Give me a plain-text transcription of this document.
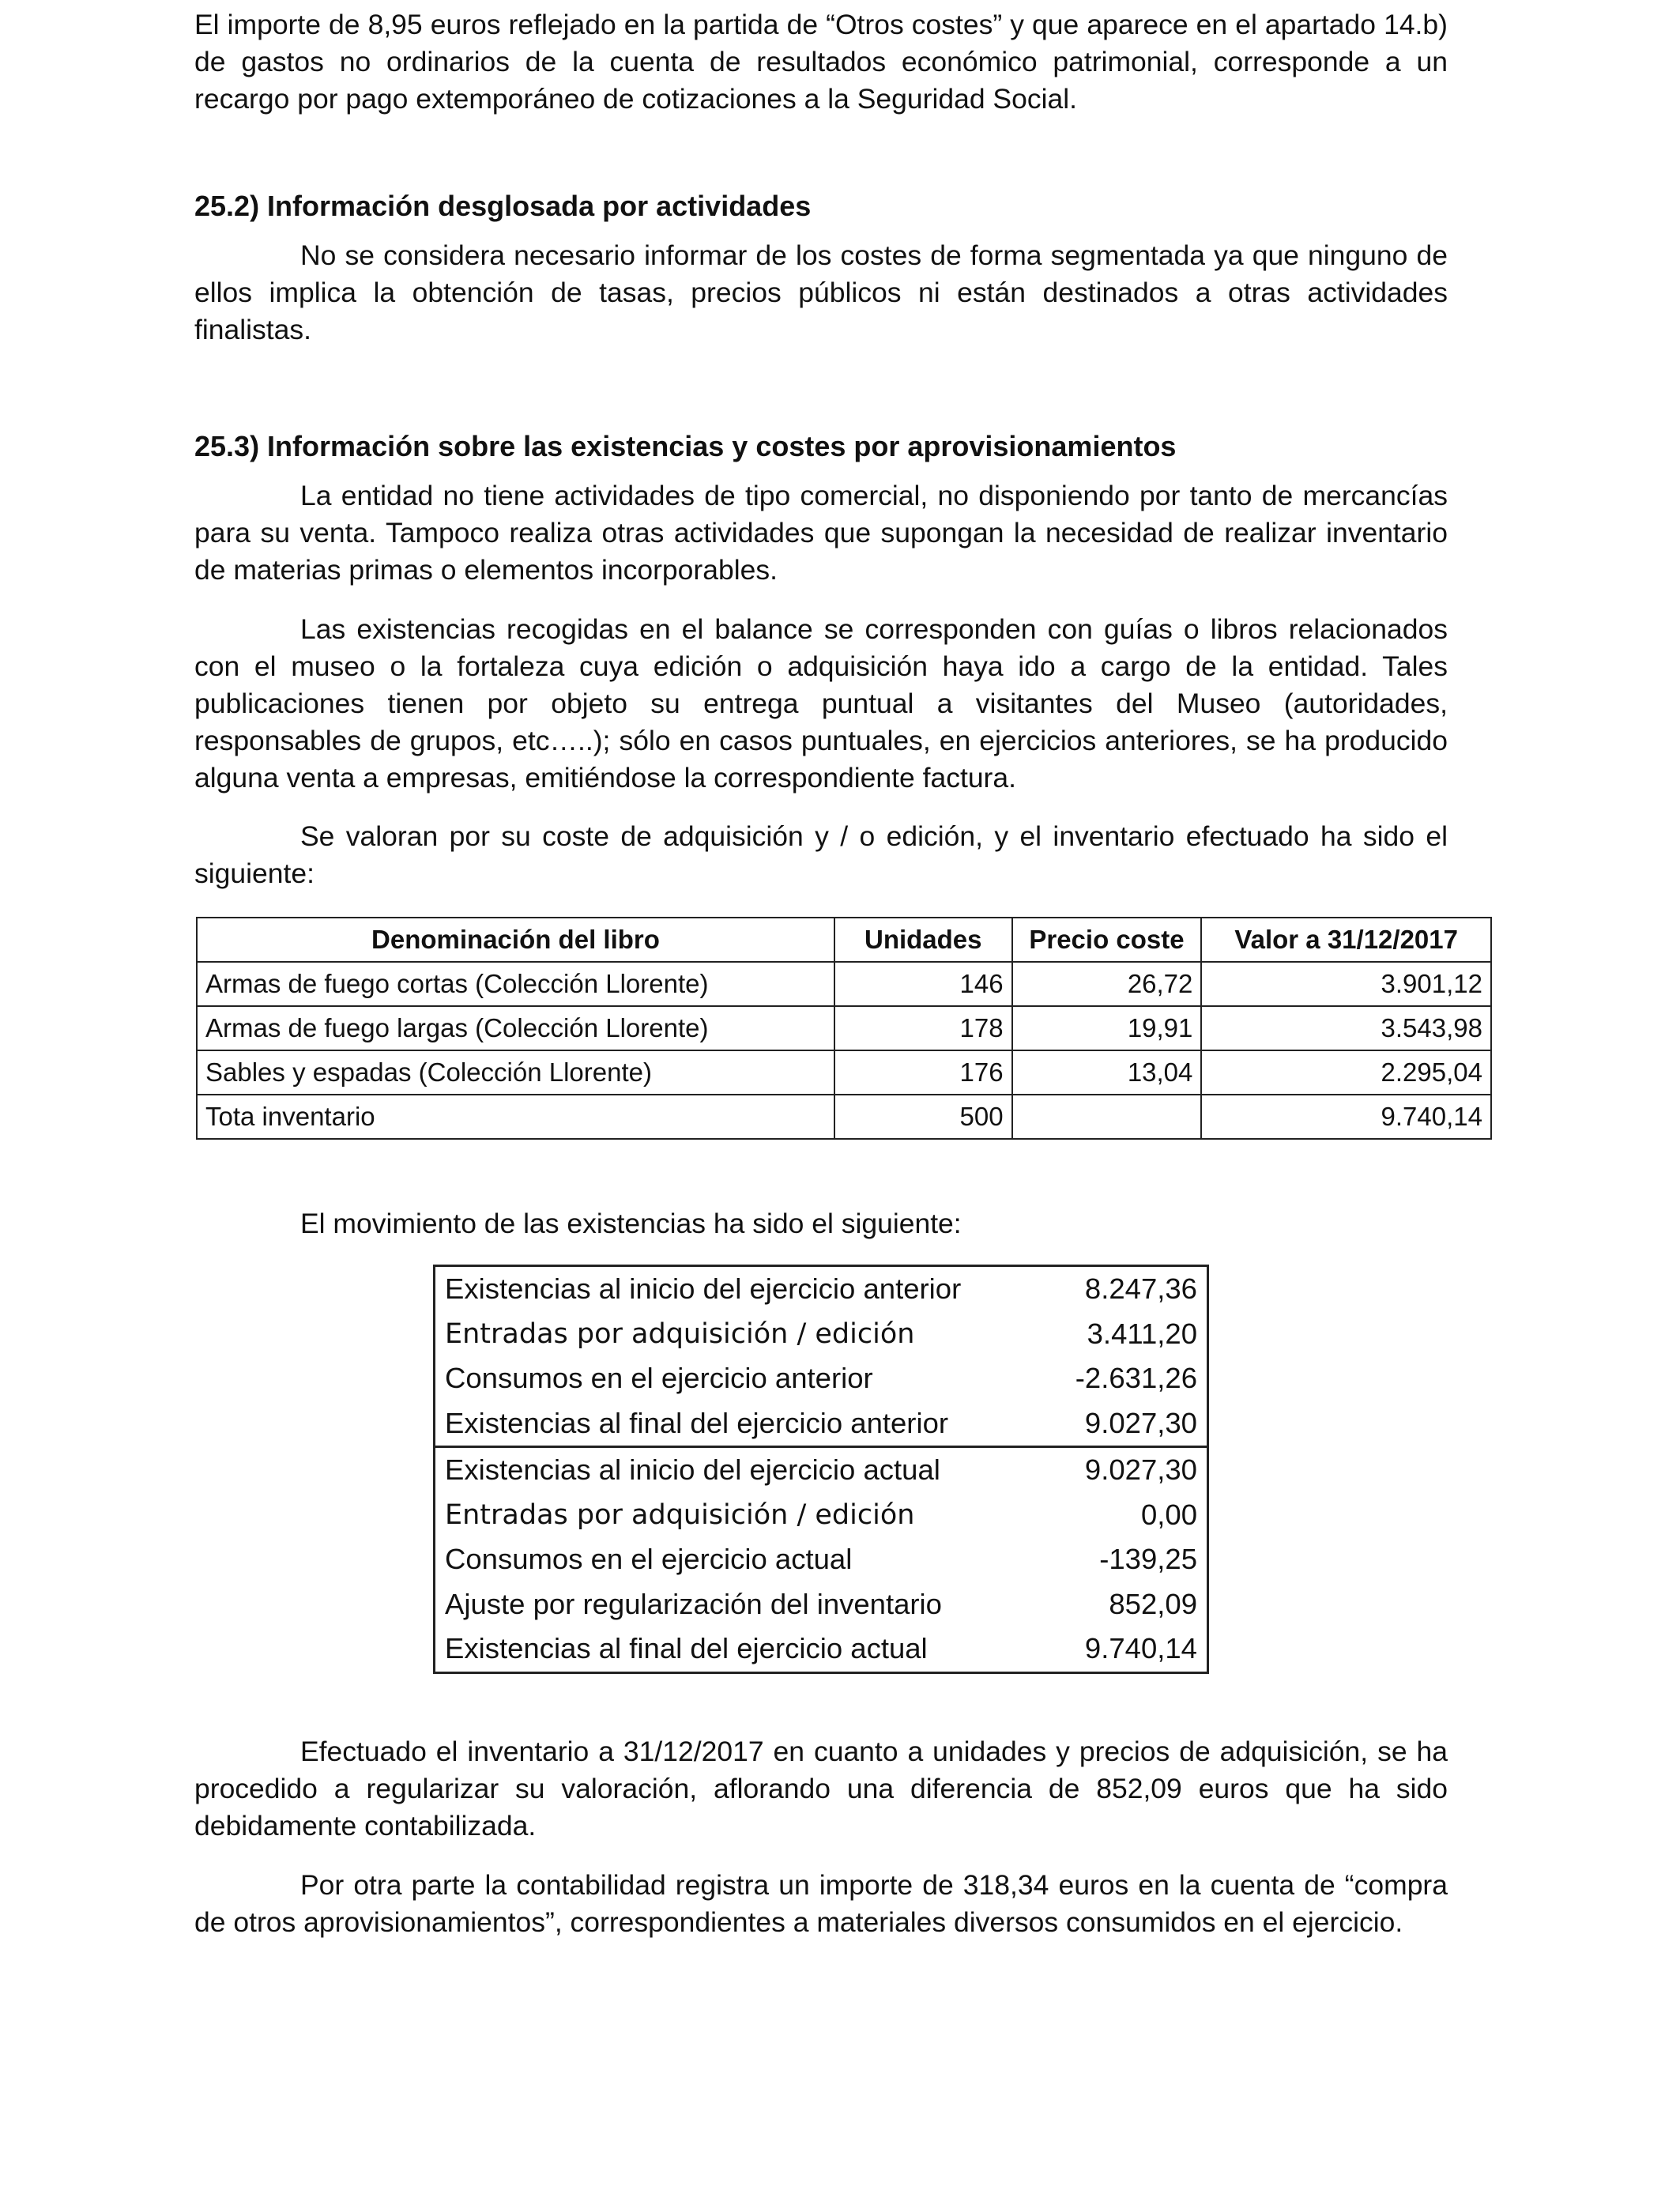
El importe de 8,95 euros reflejado en la partida de “Otros costes” y que aparece en el apartado 14.b) de gastos no ordinarios de la cuenta de resultados económico patrimonial, corresponde a un recargo por pago extemporáneo de cotizaciones a la Seguridad Social.
25.2) Información desglosada por actividades
No se considera necesario informar de los costes de forma segmentada ya que ninguno de ellos implica la obtención de tasas, precios públicos ni están destinados a otras actividades finalistas.
25.3) Información sobre las existencias y costes por aprovisionamientos
La entidad no tiene actividades de tipo comercial, no disponiendo por tanto de mercancías para su venta. Tampoco realiza otras actividades que supongan la necesidad de realizar inventario de materias primas o elementos incorporables.
Las existencias recogidas en el balance se corresponden con guías o libros relacionados con el museo o la fortaleza cuya edición o adquisición haya ido a cargo de la entidad. Tales publicaciones tienen por objeto su entrega puntual a visitantes del Museo (autoridades, responsables de grupos, etc…..); sólo en casos puntuales, en ejercicios anteriores, se ha producido alguna venta a empresas, emitiéndose la correspondiente factura.
Se valoran por su coste de adquisición y / o edición, y el inventario efectuado ha sido el siguiente:
Denominación del libro	Unidades	Precio coste	Valor a 31/12/2017
Armas de fuego cortas (Colección Llorente)	146	26,72	3.901,12
Armas de fuego largas (Colección Llorente)	178	19,91	3.543,98
Sables y espadas (Colección Llorente)	176	13,04	2.295,04
Tota inventario	500		9.740,14
El movimiento de las existencias ha sido el siguiente:
Existencias al inicio del ejercicio anterior	8.247,36
Entradas por adquisición / edición	3.411,20
Consumos en el ejercicio anterior	-2.631,26
Existencias al final del ejercicio anterior	9.027,30
Existencias al inicio del ejercicio actual	9.027,30
Entradas por adquisición / edición	0,00
Consumos en el ejercicio actual	-139,25
Ajuste por regularización del inventario	852,09
Existencias al final del ejercicio actual	9.740,14
Efectuado el inventario a 31/12/2017 en cuanto a unidades y precios de adquisición, se ha procedido a regularizar su valoración, aflorando una diferencia de 852,09 euros que ha sido debidamente contabilizada.
Por otra parte la contabilidad registra un importe de 318,34 euros en la cuenta de “compra de otros aprovisionamientos”, correspondientes a materiales diversos consumidos en el ejercicio.
